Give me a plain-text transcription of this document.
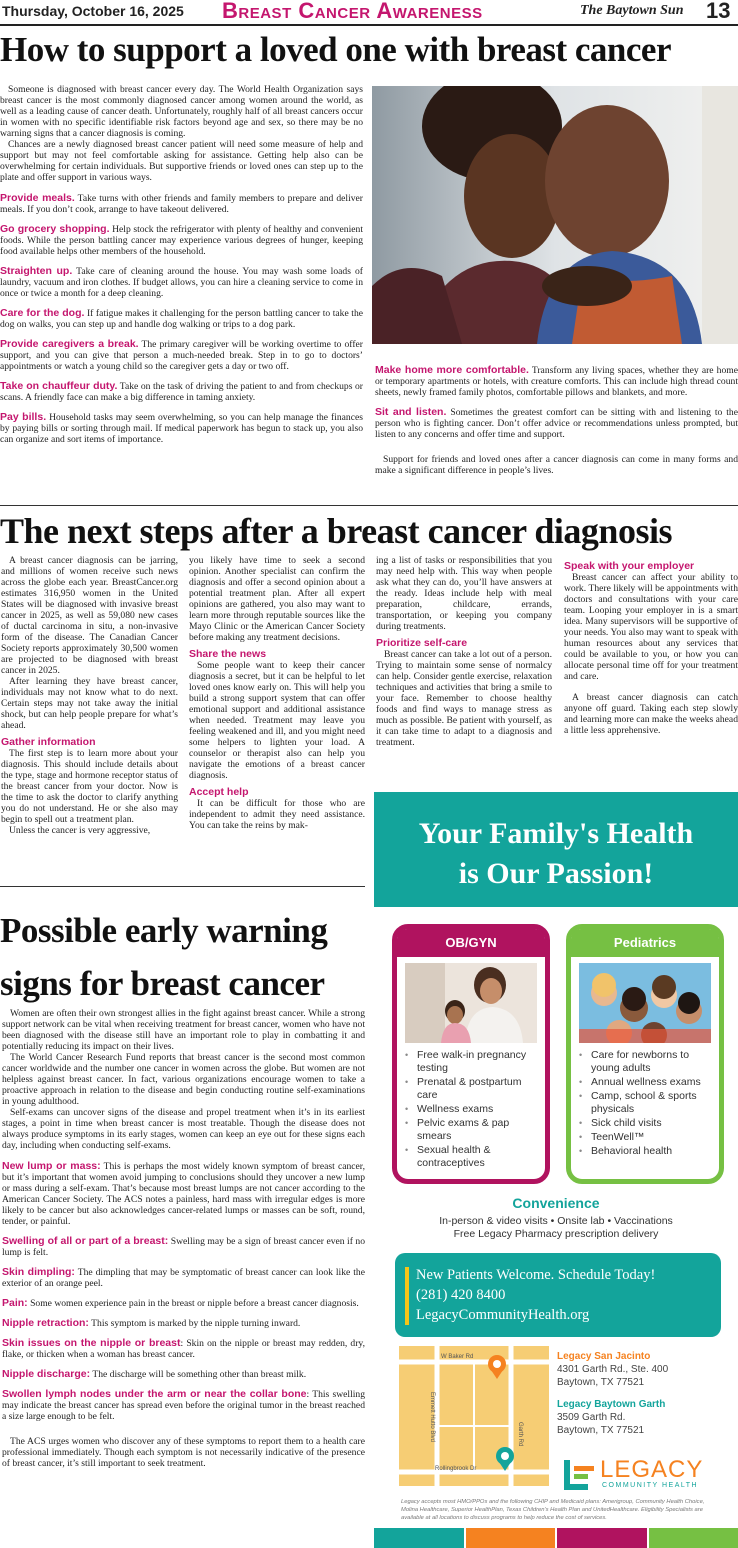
Thursday, October 16, 2025 Breast Cancer Awareness	The Baytown Sun 13
How to support a loved one with breast cancer

Someone is diagnosed with breast cancer every day. The World Health Organization says breast cancer is the most commonly diagnosed cancer among women around the world, as well as a leading cause of cancer death. Unfortunately, roughly half of all breast cancers occur in women with no specific identifiable risk factors beyond age and sex, so there may be no warning signs that a cancer diagnosis is coming.

Chances are a newly diagnosed breast cancer patient will need some measure of help and support but may not feel comfortable asking for assistance. Getting help also can be overwhelming for certain individuals. But supportive friends or loved ones can step up to the plate and offer support in various ways.

Provide meals. Take turns with other friends and family members to prepare and deliver meals. If you don’t cook, arrange to have takeout delivered.

Go grocery shopping. Help stock the refrigerator with plenty of healthy and convenient foods. While the person battling cancer may experience various degrees of hunger, keeping food available helps other members of the household.

Straighten up. Take care of cleaning around the house. You may wash some loads of laundry, vacuum and iron clothes. If budget allows, you can hire a cleaning service to come in once or twice a month for a deep cleaning.

Care for the dog. If fatigue makes it challenging for the person battling cancer to take the dog on walks, you can step up and handle dog walking or trips to a dog park.

Provide caregivers a break. The primary caregiver will be working overtime to offer support, and you can give that person a much-needed break. Step in to go to doctors’ appointments or watch a young child so the caregiver gets a day or two off.

Take on chauffeur duty. Take on the task of driving the patient to and from checkups or scans. A friendly face can make a big difference in taming anxiety.

Pay bills. Household tasks may seem overwhelming, so you can help manage the finances by paying bills or sorting through mail. If medical paperwork has begun to stack up, you also can organize and sort items of importance.

Make home more comfortable. Transform any living spaces, whether they are home or temporary apartments or hotels, with creature comforts. This can include high thread count sheets, newly framed family photos, comfortable pillows and blankets, and more.

Sit and listen. Sometimes the greatest comfort can be sitting with and listening to the person who is fighting cancer. Don’t offer advice or recommendations unless prompted, but listen to any concerns and offer time and support.

Support for friends and loved ones after a cancer diagnosis can come in many forms and make a significant difference in people’s lives.

The next steps after a breast cancer diagnosis

A breast cancer diagnosis can be jarring, and millions of women receive such news across the globe each year. BreastCancer.org estimates 316,950 women in the United States will be diagnosed with invasive breast cancer in 2025, as well as 59,080 new cases of ductal carcinoma in situ, a non-invasive form of the disease. The Canadian Cancer Society reports approximately 30,500 women are projected to be diagnosed with breast cancer in 2025.

After learning they have breast cancer, individuals may not know what to do next. Certain steps may not take away the initial shock, but can help people prepare for what’s ahead.

Gather information

The first step is to learn more about your diagnosis. This should include details about the type, stage and hormone receptor status of the breast cancer from your doctor. Now is the time to ask the doctor to clarify anything you do not understand. He or she also may begin to spell out a treatment plan.

Unless the cancer is very aggressive,

you likely have time to seek a second opinion. Another specialist can confirm the diagnosis and offer a second opinion about a potential treatment plan. After all expert opinions are gathered, you also may want to learn more through reputable sources like the Mayo Clinic or the American Cancer Society before making any treatment decisions.

Share the news

Some people want to keep their cancer diagnosis a secret, but it can be helpful to let loved ones know early on. This will help you build a strong support system that can offer emotional support and additional assistance when needed. Treatment may leave you feeling weakened and ill, and you might need some helpers to lighten your load. A counselor or therapist also can help you navigate the emotions of a breast cancer diagnosis.

Accept help

It can be difficult for those who are independent to admit they need assistance. You can take the reins by mak-

ing a list of tasks or responsibilities that you may need help with. This way when people ask what they can do, you’ll have answers at the ready. Ideas include help with meal preparation, childcare, errands, transportation, or keeping you company during treatments.

Prioritize self-care

Breast cancer can take a lot out of a person. Trying to maintain some sense of normalcy can help. Consider gentle exercise, relaxation techniques and activities that bring a smile to your face. Remember to choose healthy foods and find ways to manage stress as much as possible. Be patient with yourself, as it can take time to adapt to a diagnosis and treatment.

Speak with your employer

Breast cancer can affect your ability to work. There likely will be appointments with doctors and consultations with your care team. Looping your employer in is a smart idea. Many supervisors will be supportive of your needs. You also may want to speak with human resources about any services that could be available to you, or how you can allocate personal time off for your treatment and care.

A breast cancer diagnosis can catch anyone off guard. Taking each step slowly and learning more can make the weeks ahead a little less apprehensive.

Possible early warning signs for breast cancer

Women are often their own strongest allies in the fight against breast cancer. While a strong support network can be vital when receiving treatment for breast cancer, women who have not been diagnosed with the disease still have an important role to play in combatting it and potentially reducing its impact on their lives.

The World Cancer Research Fund reports that breast cancer is the second most common cancer worldwide and the number one cancer in women across the globe. But women are not helpless against breast cancer. In fact, various organizations encourage women to take a proactive approach in relation to the disease and begin conducting routine self-examinations in young adulthood.

Self-exams can uncover signs of the disease and propel treatment when it’s in its earliest stages, a point in time when breast cancer is most treatable. Though the disease does not always produce symptoms in its early stages, women can keep an eye out for these signs each day, including when conducting self-exams.

New lump or mass: This is perhaps the most widely known symptom of breast cancer, but it’s important that women avoid jumping to conclusions should they uncover a new lump or mass during a self-exam. That’s because most breast lumps are not cancer according to the American Cancer Society. The ACS notes a painless, hard mass with irregular edges is more likely to be cancer but also acknowledges cancer-related lumps or masses can be soft, round, tender, or painful.

Swelling of all or part of a breast: Swelling may be a sign of breast cancer even if no lump is felt.

Skin dimpling: The dimpling that may be symptomatic of breast cancer can look like the exterior of an orange peel.

Pain: Some women experience pain in the breast or nipple before a breast cancer diagnosis.

Nipple retraction: This symptom is marked by the nipple turning inward.

Skin issues on the nipple or breast: Skin on the nipple or breast may redden, dry, flake, or thicken when a woman has breast cancer.

Nipple discharge: The discharge will be something other than breast milk.

Swollen lymph nodes under the arm or near the collar bone: This swelling may indicate the breast cancer has spread even before the original tumor in the breast reached a size large enough to be felt.

The ACS urges women who discover any of these symptoms to report them to a health care professional immediately. Though each symptom is not necessarily indicative of the presence of breast cancer, it’s still important to seek treatment.

Your Family's Health
is Our Passion!
OB/GYN
• Free walk-in pregnancy testing
• Prenatal & postpartum care
• Wellness exams
• Pelvic exams & pap smears
• Sexual health & contraceptives
Pediatrics
• Care for newborns to young adults
• Annual wellness exams
• Camp, school & sports physicals
• Sick child visits
• TeenWell™
• Behavioral health
Convenience
In-person & video visits • Onsite lab • Vaccinations
Free Legacy Pharmacy prescription delivery
New Patients Welcome. Schedule Today!
(281) 420 8400
LegacyCommunityHealth.org
W Baker Rd
Emmett Hutto Blvd	Garth Rd
Rollingbrook Dr
Legacy San Jacinto
4301 Garth Rd., Ste. 400
Baytown, TX 77521
Legacy Baytown Garth
3509 Garth Rd.
Baytown, TX 77521
LEGACY
COMMUNITY HEALTH
Legacy accepts most HMO/PPOs and the following CHIP and Medicaid plans: Amerigroup, Community Health Choice, Molina Healthcare, Superior HealthPlan, Texas Children’s Health Plan and UnitedHealthcare. Eligibility Specialists are available at all locations to discuss programs to help reduce the cost of services.
